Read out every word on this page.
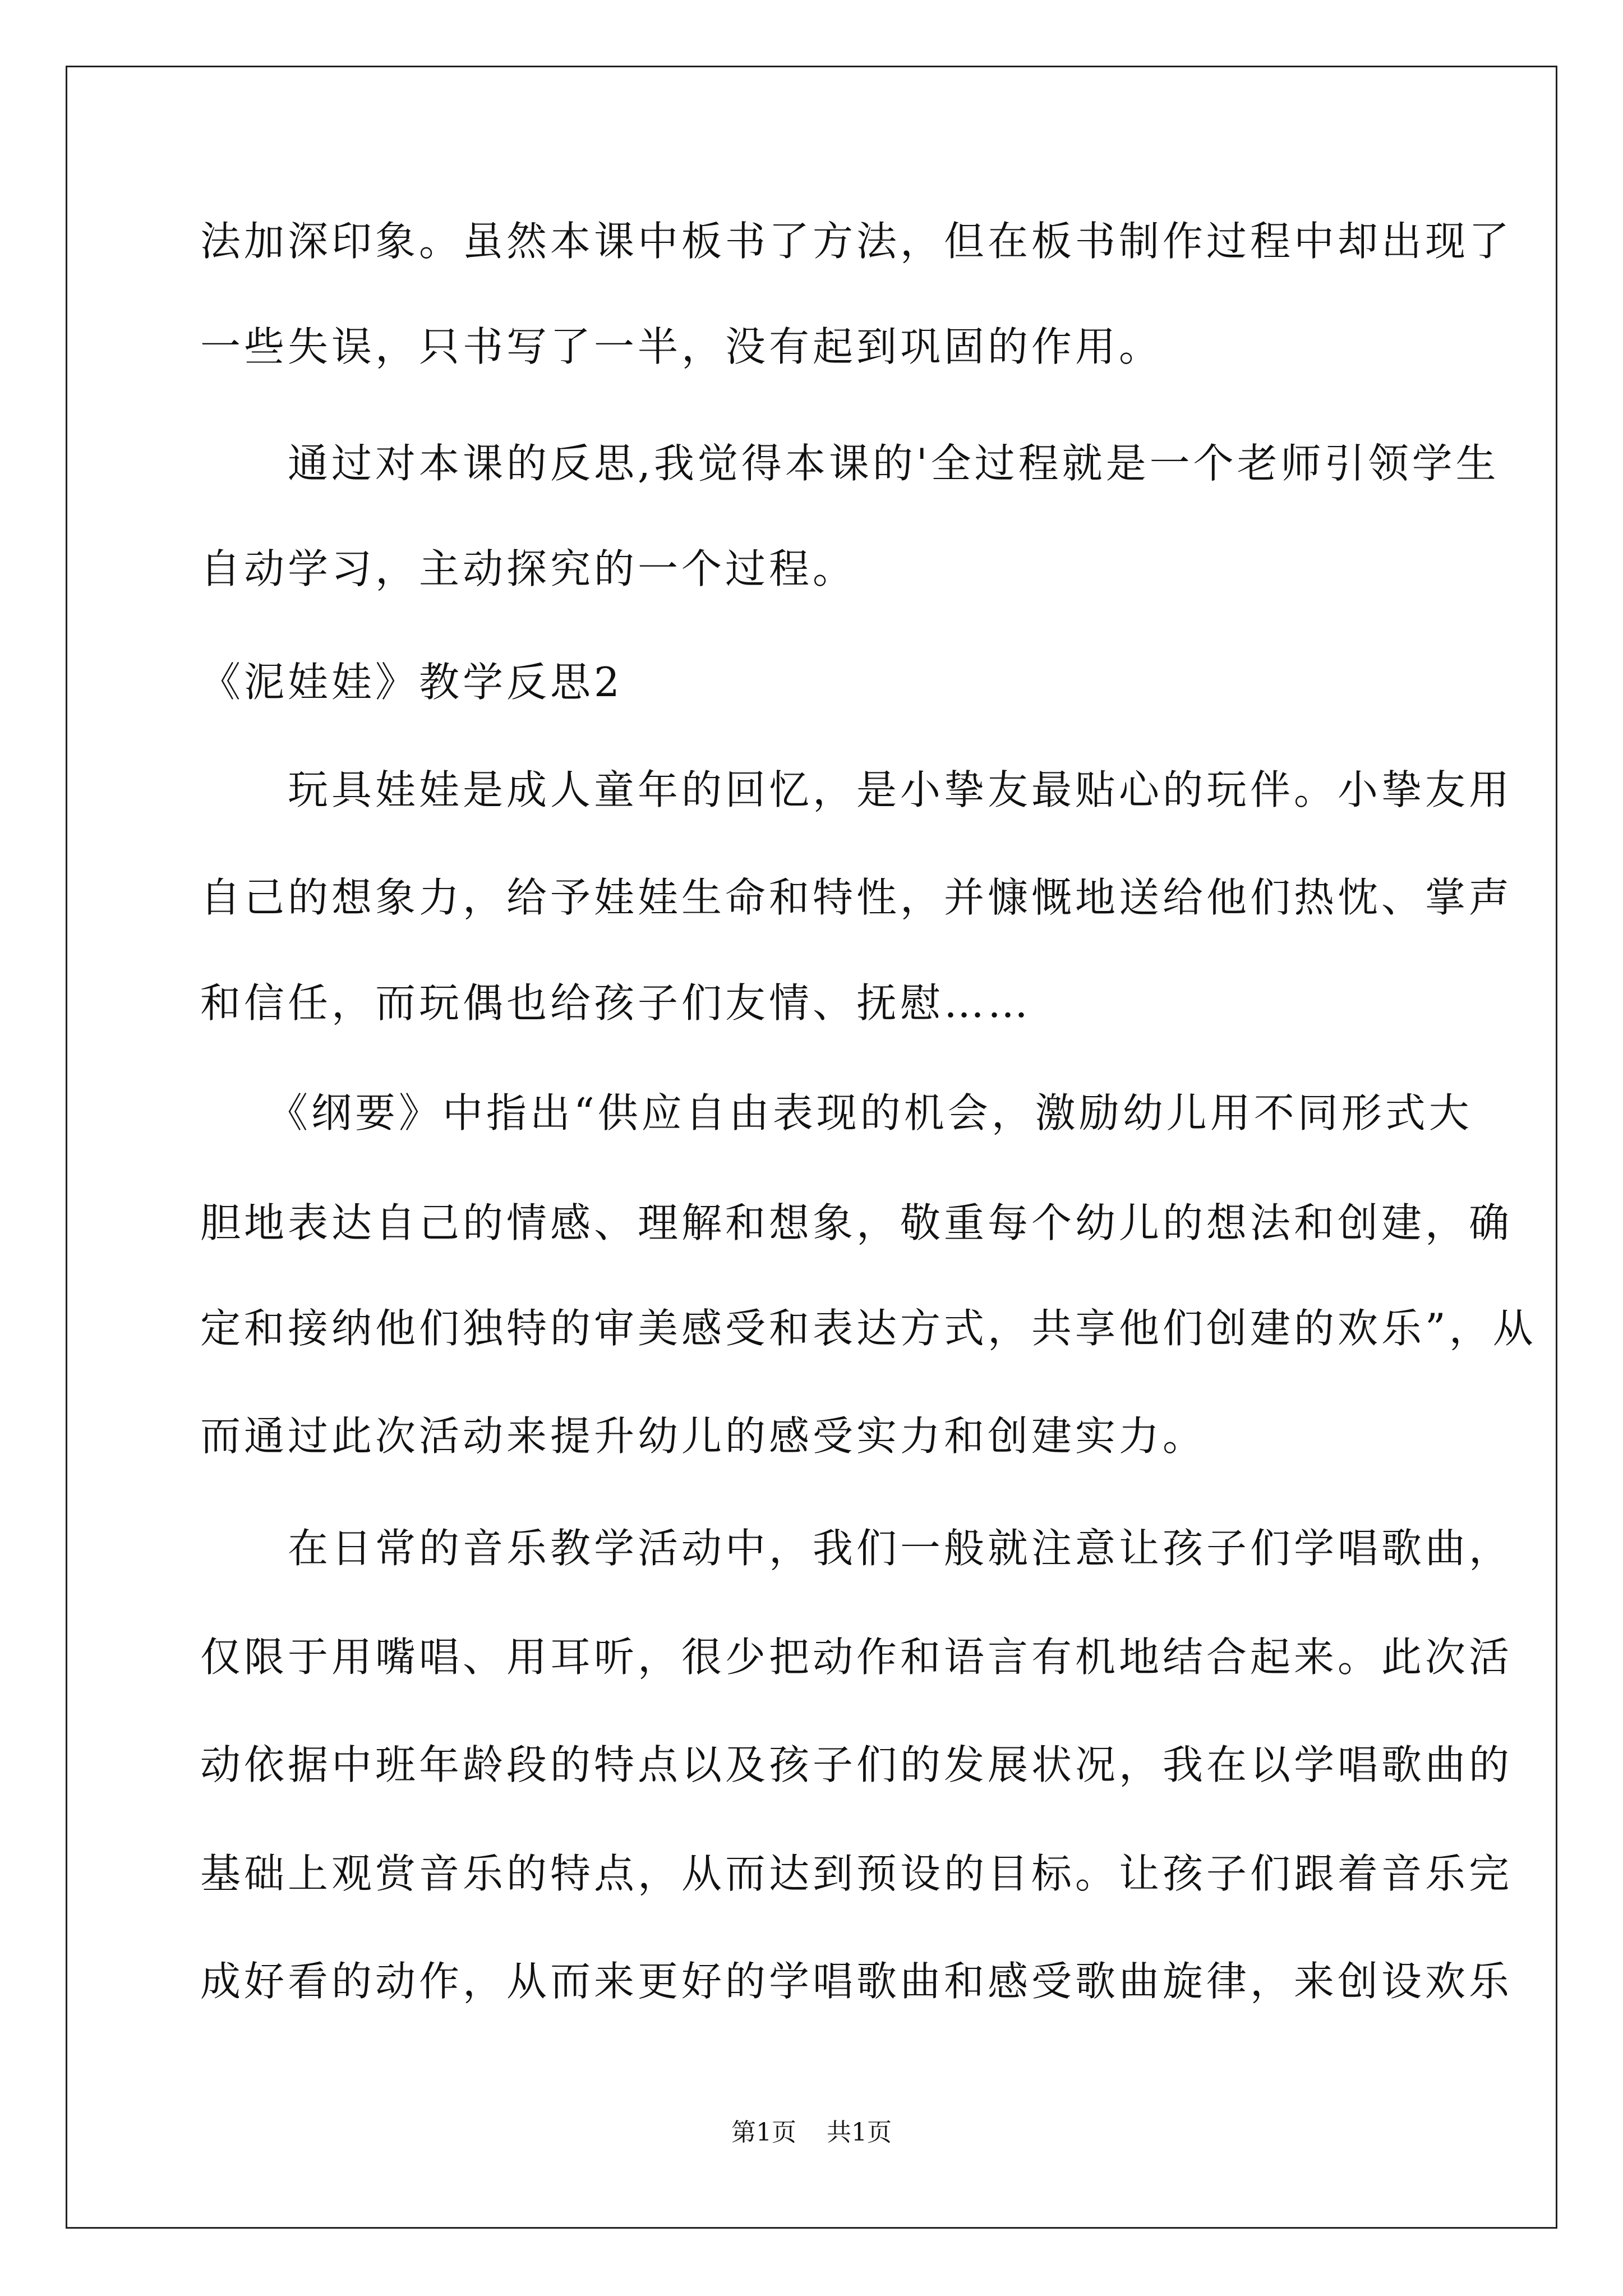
法加深印象。虽然本课中板书了方法，但在板书制作过程中却出现了
一些失误，只书写了一半，没有起到巩固的作用。
　　通过对本课的反思,我觉得本课的'全过程就是一个老师引领学生
自动学习，主动探究的一个过程。
《泥娃娃》教学反思2
　　玩具娃娃是成人童年的回忆，是小挚友最贴心的玩伴。小挚友用
自己的想象力，给予娃娃生命和特性，并慷慨地送给他们热忱、掌声
和信任，而玩偶也给孩子们友情、抚慰……
　　《纲要》中指出“供应自由表现的机会，激励幼儿用不同形式大
胆地表达自己的情感、理解和想象，敬重每个幼儿的想法和创建，确
定和接纳他们独特的审美感受和表达方式，共享他们创建的欢乐”，从
而通过此次活动来提升幼儿的感受实力和创建实力。
　　在日常的音乐教学活动中，我们一般就注意让孩子们学唱歌曲，
仅限于用嘴唱、用耳听，很少把动作和语言有机地结合起来。此次活
动依据中班年龄段的特点以及孩子们的发展状况，我在以学唱歌曲的
基础上观赏音乐的特点，从而达到预设的目标。让孩子们跟着音乐完
成好看的动作，从而来更好的学唱歌曲和感受歌曲旋律，来创设欢乐
第1页 共1页
